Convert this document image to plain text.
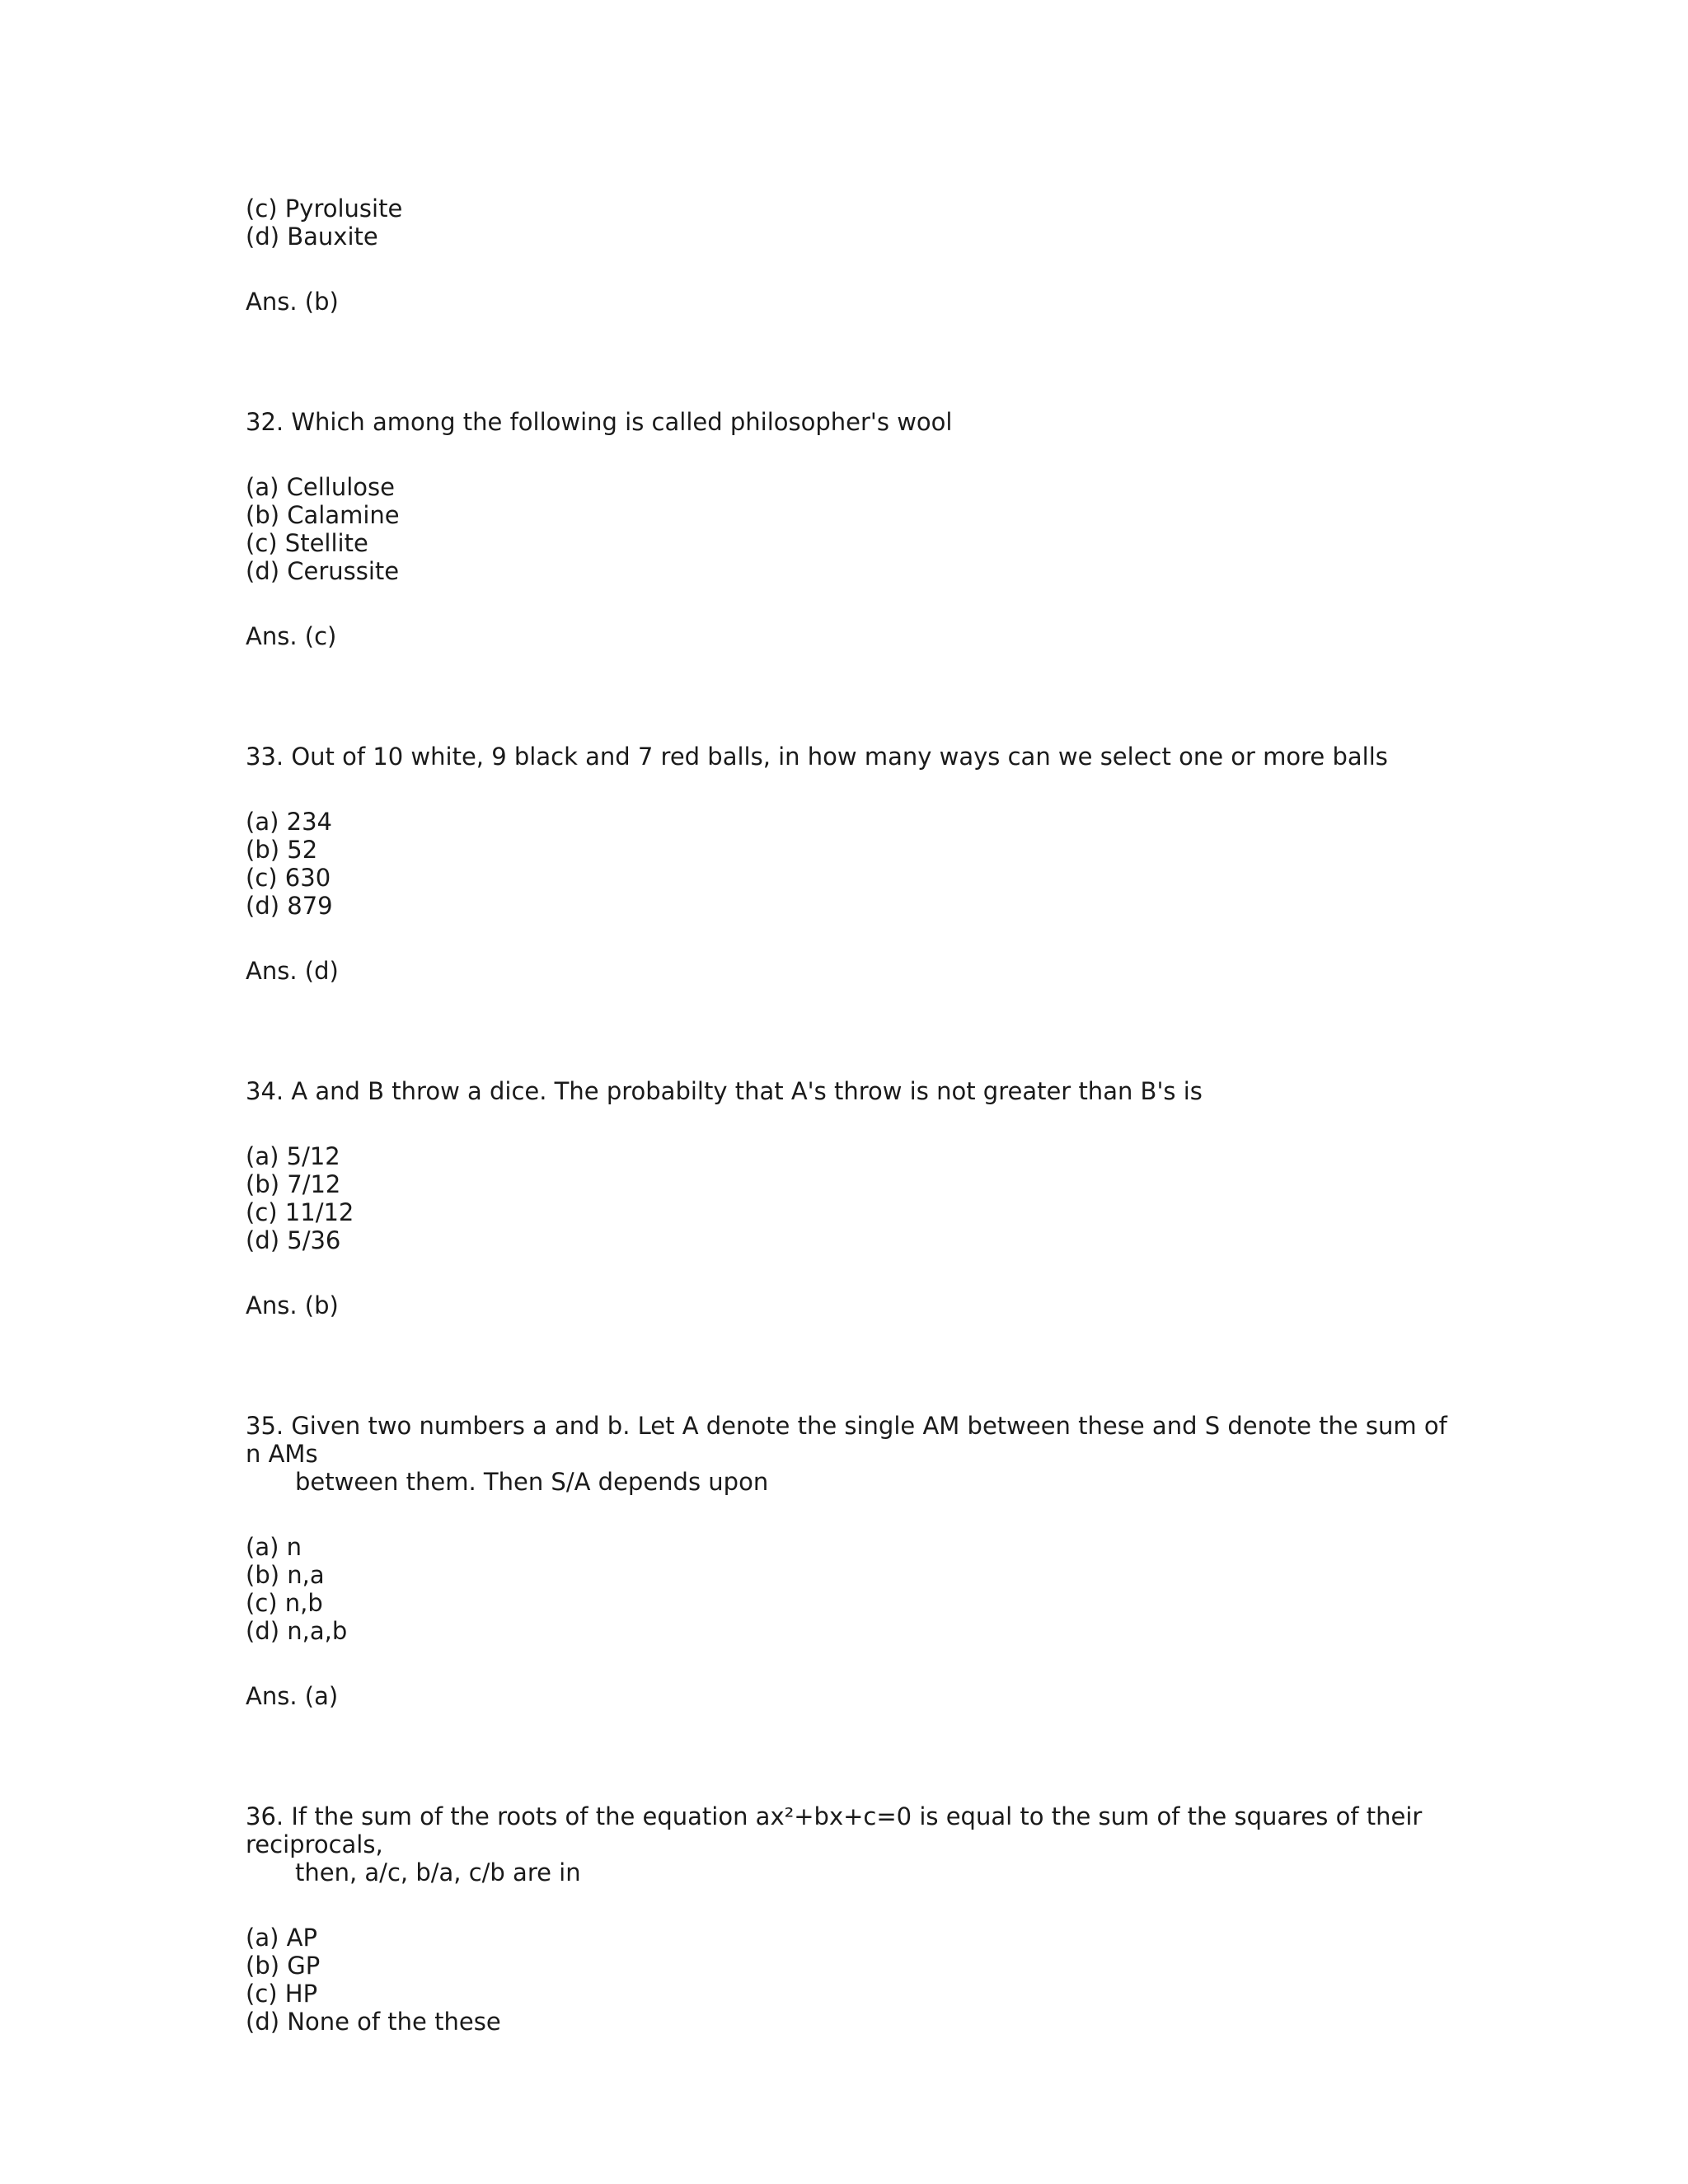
(c) Pyrolusite
(d) Bauxite
Ans. (b)
32. Which among the following is called philosopher's wool
(a) Cellulose
(b) Calamine
(c) Stellite
(d) Cerussite
Ans. (c)
33. Out of 10 white, 9 black and 7 red balls, in how many ways can we select one or more balls
(a) 234
(b) 52
(c) 630
(d) 879
Ans. (d)
34. A and B throw a dice. The probabilty that A's throw is not greater than B's is
(a) 5/12
(b) 7/12
(c) 11/12
(d) 5/36
Ans. (b)
35. Given two numbers a and b. Let A denote the single AM between these and S denote the sum of
n AMs
between them. Then S/A depends upon
(a) n
(b) n,a
(c) n,b
(d) n,a,b
Ans. (a)
36. If the sum of the roots of the equation ax²+bx+c=0 is equal to the sum of the squares of their
reciprocals,
then, a/c, b/a, c/b are in
(a) AP
(b) GP
(c) HP
(d) None of the these
